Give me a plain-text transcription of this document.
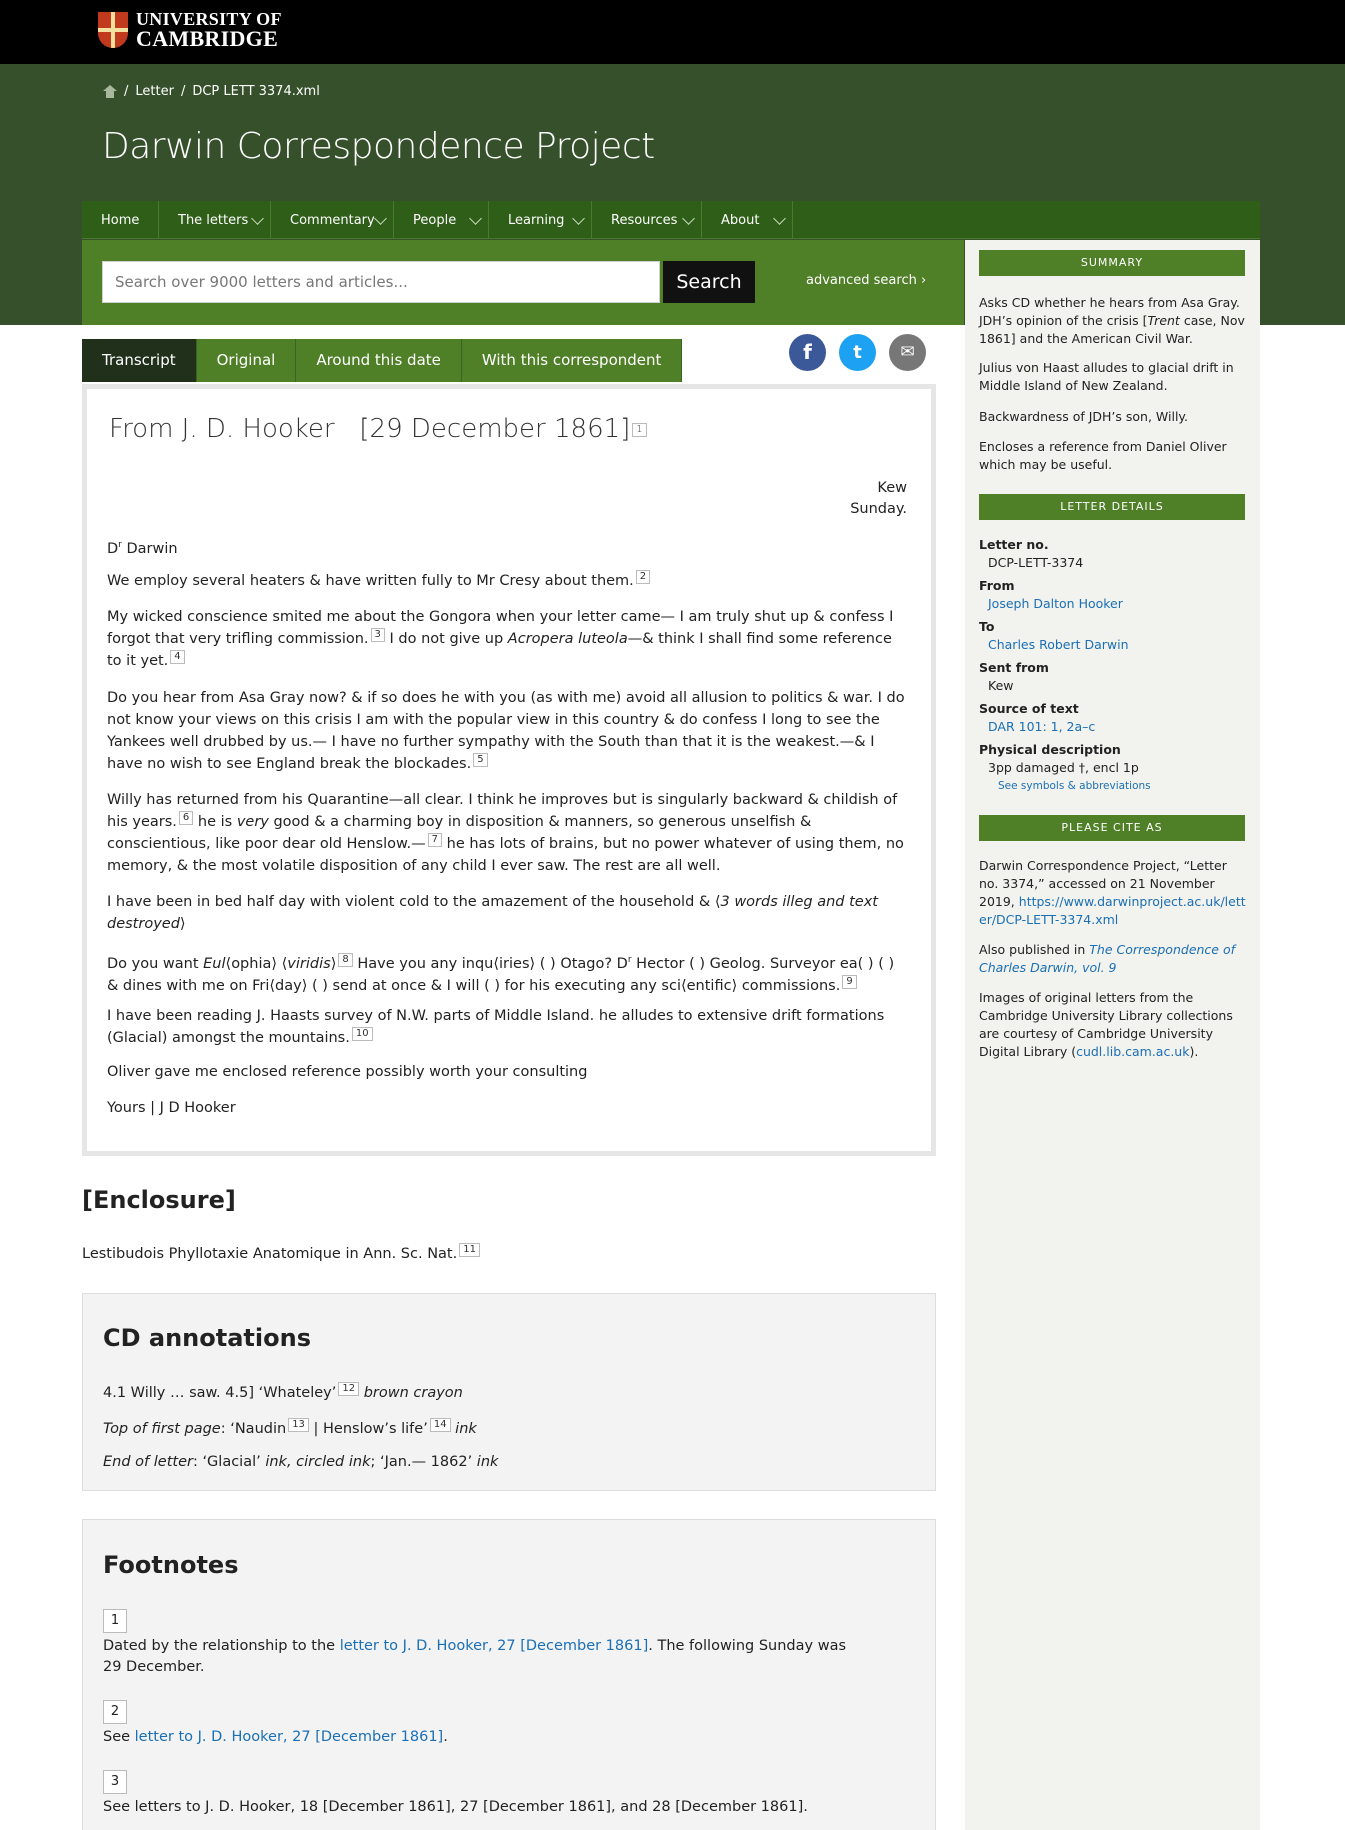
UNIVERSITY OF
CAMBRIDGE
/ Letter / DCP LETT 3374.xml
Darwin Correspondence Project
Home	The letters	Commentary	People	Learning	Resources	About
Search over 9000 letters and articles...	Search	advanced search ›
SUMMARY
Asks CD whether he hears from Asa Gray. JDH’s opinion of the crisis [Trent case, Nov 1861] and the American Civil War.
Julius von Haast alludes to glacial drift in Middle Island of New Zealand.
Backwardness of JDH’s son, Willy.
Encloses a reference from Daniel Oliver which may be useful.
LETTER DETAILS
Letter no.
DCP-LETT-3374
From
Joseph Dalton Hooker
To
Charles Robert Darwin
Sent from
Kew
Source of text
DAR 101: 1, 2a–c
Physical description
3pp damaged †, encl 1p
See symbols & abbreviations
PLEASE CITE AS
Darwin Correspondence Project, “Letter no. 3374,” accessed on 21 November 2019, https://www.darwinproject.ac.uk/letter/DCP-LETT-3374.xml
Also published in The Correspondence of Charles Darwin, vol. 9
Images of original letters from the Cambridge University Library collections are courtesy of Cambridge University Digital Library (cudl.lib.cam.ac.uk).
Transcript	Original	Around this date	With this correspondent	f	t	✉
From J. D. Hooker   [29 December 1861] 1
Kew
Sunday.
$D^r$ Darwin
We employ several heaters & have written fully to Mr Cresy about them. 2
My wicked conscience smited me about the Gongora when your letter came— I am truly shut up & confess I forgot that very trifling commission. 3 I do not give up Acropera luteola—& think I shall find some reference to it yet. 4
Do you hear from Asa Gray now? & if so does he with you (as with me) avoid all allusion to politics & war. I do not know your views on this crisis I am with the popular view in this country & do confess I long to see the Yankees well drubbed by us.— I have no further sympathy with the South than that it is the weakest.—& I have no wish to see England break the blockades. 5
Willy has returned from his Quarantine—all clear. I think he improves but is singularly backward & childish of his years. 6 he is very good & a charming boy in disposition & manners, so generous unselfish & conscientious, like poor dear old Henslow.— 7 he has lots of brains, but no power whatever of using them, no memory, & the most volatile disposition of any child I ever saw. The rest are all well.
I have been in bed half day with violent cold to the amazement of the household & ⟨3 words illeg and text destroyed⟩
Do you want Eul⟨ophia⟩ ⟨viridis⟩ 8 Have you any inqu⟨iries⟩ ( ) Otago? $D^r$ Hector ( ) Geolog. Surveyor ea( ) ( ) & dines with me on Fri⟨day⟩ ( ) send at once & I will ( ) for his executing any sci⟨entific⟩ commissions. 9
I have been reading J. Haasts survey of N.W. parts of Middle Island. he alludes to extensive drift formations (Glacial) amongst the mountains. 10
Oliver gave me enclosed reference possibly worth your consulting
Yours | J D Hooker
[Enclosure]
Lestibudois Phyllotaxie Anatomique in Ann. Sc. Nat. 11
CD annotations
4.1 Willy … saw. 4.5] ‘Whateley’ 12 brown crayon
Top of first page: ‘Naudin 13 | Henslow’s life’ 14 ink
End of letter: ‘Glacial’ ink, circled ink; ‘Jan.— 1862’ ink
Footnotes
1
Dated by the relationship to the letter to J. D. Hooker, 27 [December 1861]. The following Sunday was 29 December.
2
See letter to J. D. Hooker, 27 [December 1861].
3
See letters to J. D. Hooker, 18 [December 1861], 27 [December 1861], and 28 [December 1861].
